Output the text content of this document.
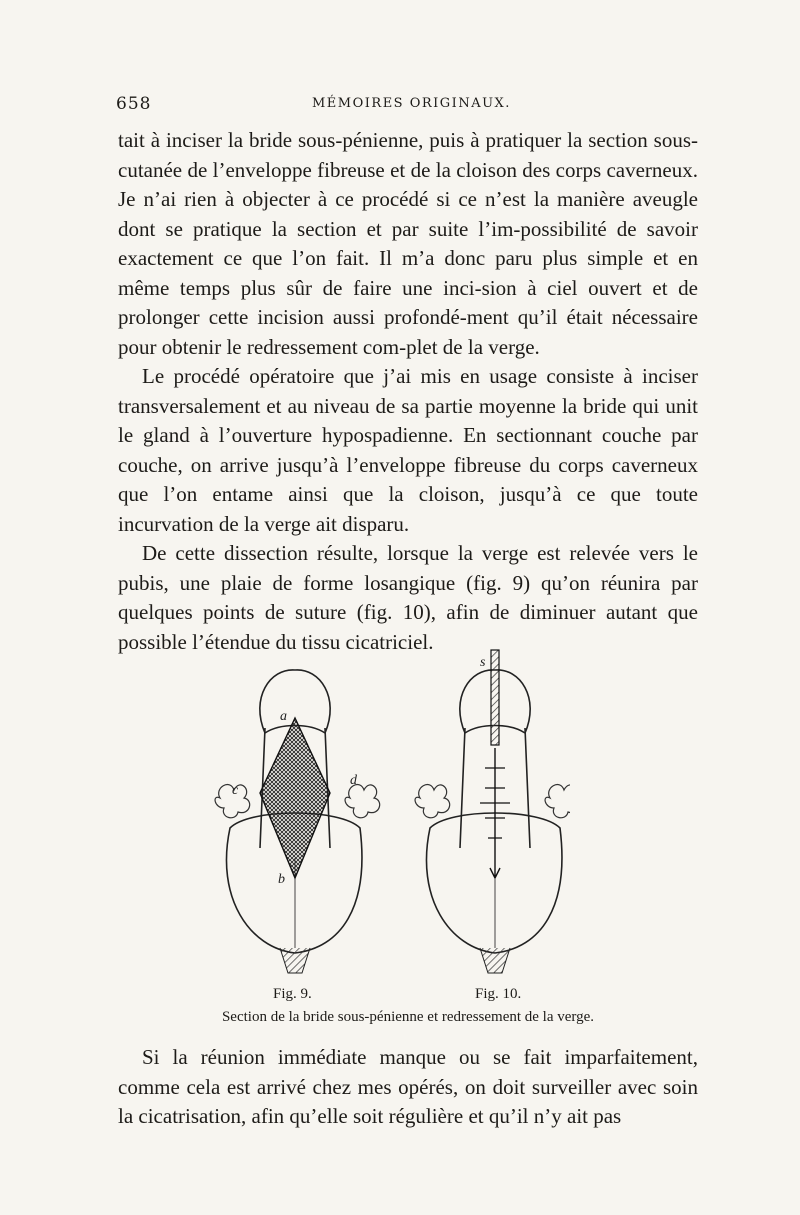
658	MÉMOIRES ORIGINAUX.

tait à inciser la bride sous-pénienne, puis à pratiquer la section sous-cutanée de l’enveloppe fibreuse et de la cloison des corps caverneux. Je n’ai rien à objecter à ce procédé si ce n’est la manière aveugle dont se pratique la section et par suite l’im-possibilité de savoir exactement ce que l’on fait. Il m’a donc paru plus simple et en même temps plus sûr de faire une inci-sion à ciel ouvert et de prolonger cette incision aussi profondé-ment qu’il était nécessaire pour obtenir le redressement com-plet de la verge.

Le procédé opératoire que j’ai mis en usage consiste à inciser transversalement et au niveau de sa partie moyenne la bride qui unit le gland à l’ouverture hypospadienne. En sectionnant couche par couche, on arrive jusqu’à l’enveloppe fibreuse du corps caverneux que l’on entame ainsi que la cloison, jusqu’à ce que toute incurvation de la verge ait disparu.

De cette dissection résulte, lorsque la verge est relevée vers le pubis, une plaie de forme losangique (fig. 9) qu’on réunira par quelques points de suture (fig. 10), afin de diminuer autant que possible l’étendue du tissu cicatriciel.

a
b
c
d
s
Fig. 9.	Fig. 10.
Section de la bride sous-pénienne et redressement de la verge.

Si la réunion immédiate manque ou se fait imparfaitement, comme cela est arrivé chez mes opérés, on doit surveiller avec soin la cicatrisation, afin qu’elle soit régulière et qu’il n’y ait pas
